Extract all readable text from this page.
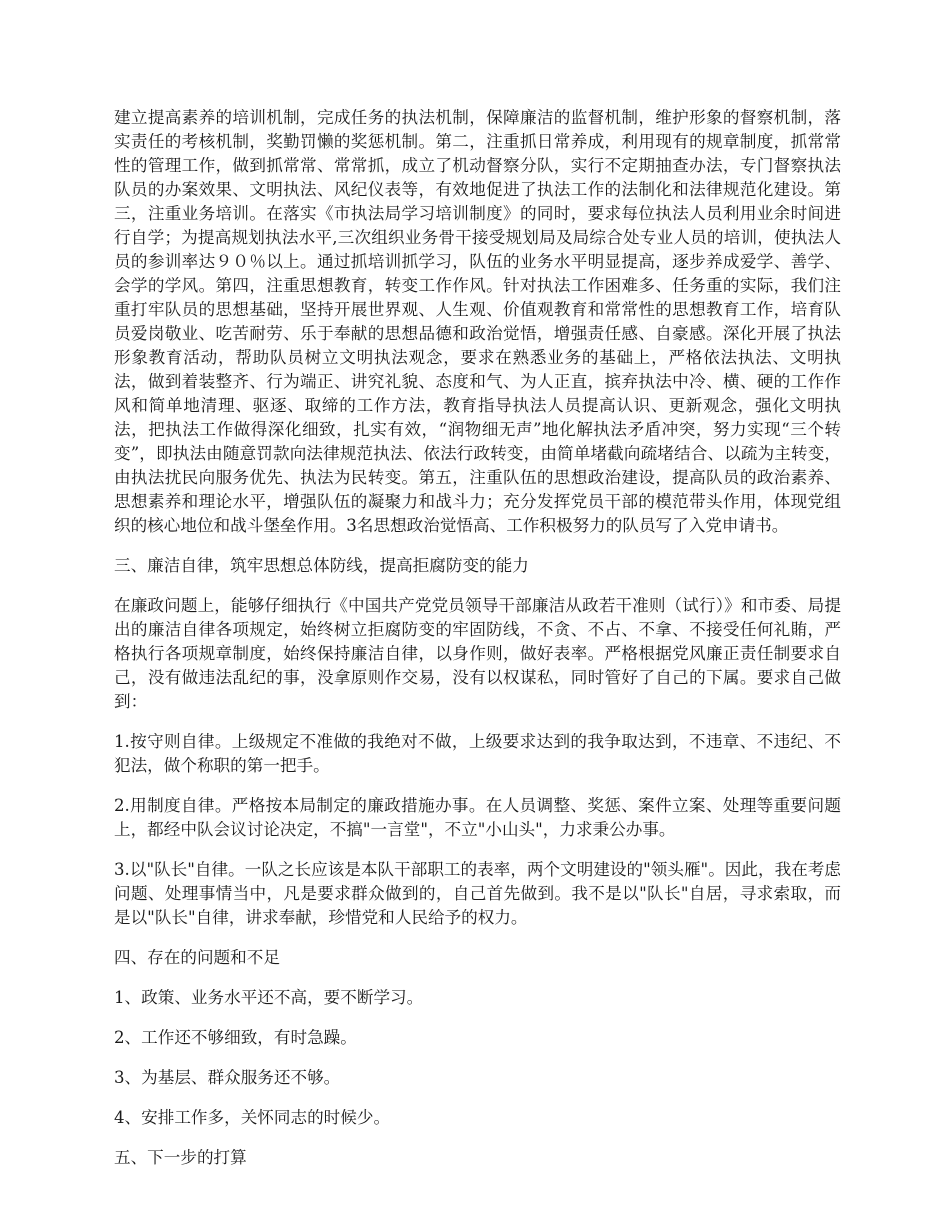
建立提高素养的培训机制，完成任务的执法机制，保障廉洁的监督机制，维护形象的督察机制，落实责任的考核机制，奖勤罚懒的奖惩机制。第二，注重抓日常养成，利用现有的规章制度，抓常常性的管理工作，做到抓常常、常常抓，成立了机动督察分队，实行不定期抽查办法，专门督察执法队员的办案效果、文明执法、风纪仪表等，有效地促进了执法工作的法制化和法律规范化建设。第三，注重业务培训。在落实《市执法局学习培训制度》的同时，要求每位执法人员利用业余时间进行自学；为提高规划执法水平,三次组织业务骨干接受规划局及局综合处专业人员的培训，使执法人员的参训率达９０％以上。通过抓培训抓学习，队伍的业务水平明显提高，逐步养成爱学、善学、会学的学风。第四，注重思想教育，转变工作作风。针对执法工作困难多、任务重的实际，我们注重打牢队员的思想基础，坚持开展世界观、人生观、价值观教育和常常性的思想教育工作，培育队员爱岗敬业、吃苦耐劳、乐于奉献的思想品德和政治觉悟，增强责任感、自豪感。深化开展了执法形象教育活动，帮助队员树立文明执法观念，要求在熟悉业务的基础上，严格依法执法、文明执法，做到着装整齐、行为端正、讲究礼貌、态度和气、为人正直，摈弃执法中冷、横、硬的工作作风和简单地清理、驱逐、取缔的工作方法，教育指导执法人员提高认识、更新观念，强化文明执法，把执法工作做得深化细致，扎实有效，“润物细无声”地化解执法矛盾冲突，努力实现“三个转变”，即执法由随意罚款向法律规范执法、依法行政转变，由简单堵截向疏堵结合、以疏为主转变，由执法扰民向服务优先、执法为民转变。第五，注重队伍的思想政治建设，提高队员的政治素养、思想素养和理论水平，增强队伍的凝聚力和战斗力；充分发挥党员干部的模范带头作用，体现党组织的核心地位和战斗堡垒作用。3名思想政治觉悟高、工作积极努力的队员写了入党申请书。

三、廉洁自律，筑牢思想总体防线，提高拒腐防变的能力

在廉政问题上，能够仔细执行《中国共产党党员领导干部廉洁从政若干准则（试行）》和市委、局提出的廉洁自律各项规定，始终树立拒腐防变的牢固防线，不贪、不占、不拿、不接受任何礼賄，严格执行各项规章制度，始终保持廉洁自律，以身作则，做好表率。严格根据党风廉正责任制要求自己，没有做违法乱纪的事，没拿原则作交易，没有以权谋私，同时管好了自己的下属。要求自己做到：

1.按守则自律。上级规定不准做的我绝对不做，上级要求达到的我争取达到，不违章、不违纪、不犯法，做个称职的第一把手。

2.用制度自律。严格按本局制定的廉政措施办事。在人员调整、奖惩、案件立案、处理等重要问题上，都经中队会议讨论决定，不搞"一言堂"，不立"小山头"，力求秉公办事。

3.以"队长"自律。一队之长应该是本队干部职工的表率，两个文明建设的"领头雁"。因此，我在考虑问题、处理事情当中，凡是要求群众做到的，自己首先做到。我不是以"队长"自居，寻求索取，而是以"队长"自律，讲求奉献，珍惜党和人民给予的权力。

四、存在的问题和不足

1、政策、业务水平还不高，要不断学习。

2、工作还不够细致，有时急躁。

3、为基层、群众服务还不够。

4、安排工作多，关怀同志的时候少。

五、下一步的打算
